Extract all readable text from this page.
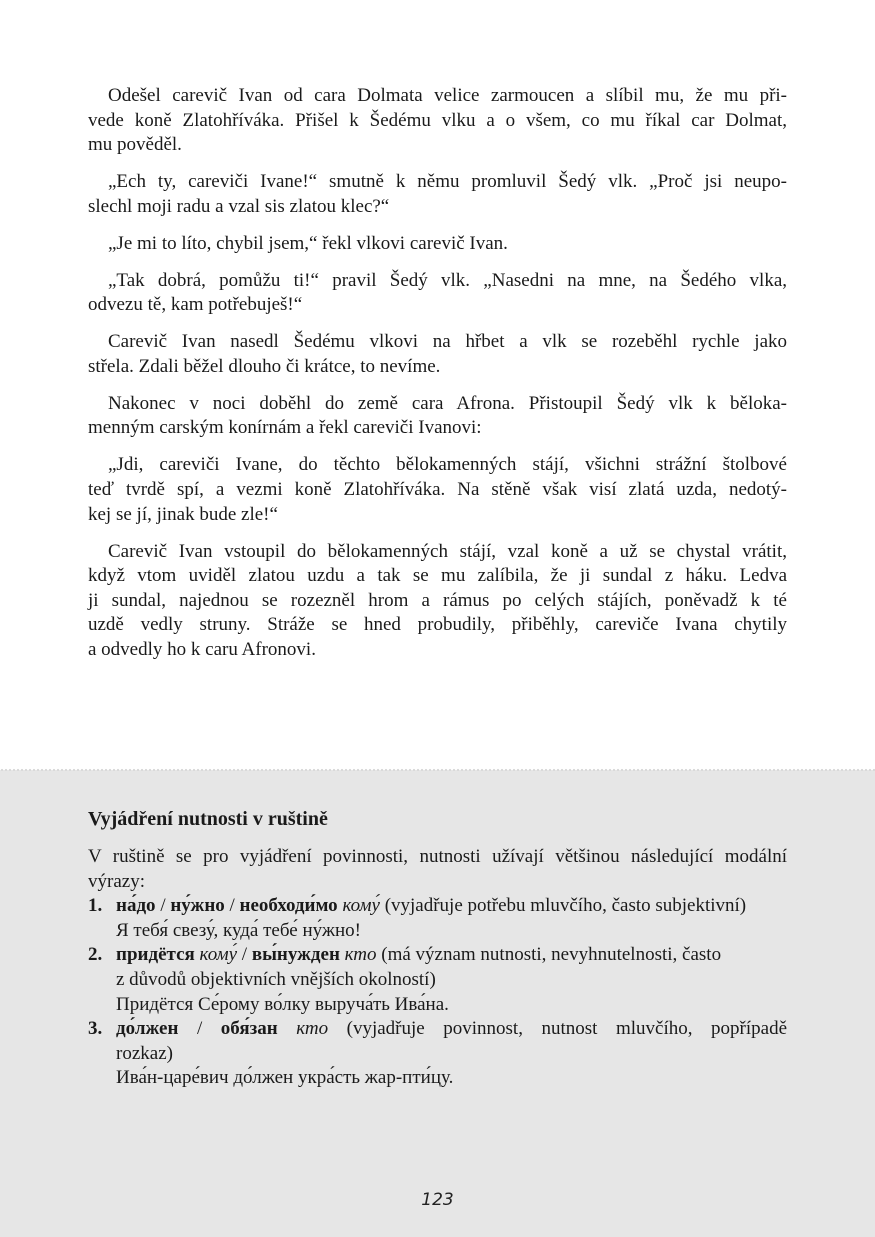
Odešel carevič Ivan od cara Dolmata velice zarmoucen a slíbil mu, že mu při-
vede koně Zlatohříváka. Přišel k Šedému vlku a o všem, co mu říkal car Dolmat,
mu pověděl.
„Ech ty, careviči Ivane!“ smutně k němu promluvil Šedý vlk. „Proč jsi neupo-
slechl moji radu a vzal sis zlatou klec?“
„Je mi to líto, chybil jsem,“ řekl vlkovi carevič Ivan.
„Tak dobrá, pomůžu ti!“ pravil Šedý vlk. „Nasedni na mne, na Šedého vlka,
odvezu tě, kam potřebuješ!“
Carevič Ivan nasedl Šedému vlkovi na hřbet a vlk se rozeběhl rychle jako
střela. Zdali běžel dlouho či krátce, to nevíme.
Nakonec v noci doběhl do země cara Afrona. Přistoupil Šedý vlk k běloka-
menným carským konírnám a řekl careviči Ivanovi:
„Jdi, careviči Ivane, do těchto bělokamenných stájí, všichni strážní štolbové
teď tvrdě spí, a vezmi koně Zlatohříváka. Na stěně však visí zlatá uzda, nedotý-
kej se jí, jinak bude zle!“
Carevič Ivan vstoupil do bělokamenných stájí, vzal koně a už se chystal vrátit,
když vtom uviděl zlatou uzdu a tak se mu zalíbila, že ji sundal z háku. Ledva
ji sundal, najednou se rozezněl hrom a rámus po celých stájích, poněvadž k té
uzdě vedly struny. Stráže se hned probudily, přiběhly, careviče Ivana chytily
a odvedly ho k caru Afronovi.
Vyjádření nutnosti v ruštině
V ruštině se pro vyjádření povinnosti, nutnosti užívají většinou následující modální
výrazy:
1. на́до / ну́жно / необходи́мо кому́ (vyjadřuje potřebu mluvčího, často subjektivní)
Я тебя́ свезу́, куда́ тебе́ ну́жно!
2. придётся кому́ / вы́нужден кто (má význam nutnosti, nevyhnutelnosti, často
z důvodů objektivních vnějších okolností)
Придётся Се́рому во́лку выруча́ть Ива́на.
3. до́лжен / обя́зан кто (vyjadřuje povinnost, nutnost mluvčího, popřípadě
rozkaz)
Ива́н-царе́вич до́лжен укра́сть жар-пти́цу.
123
